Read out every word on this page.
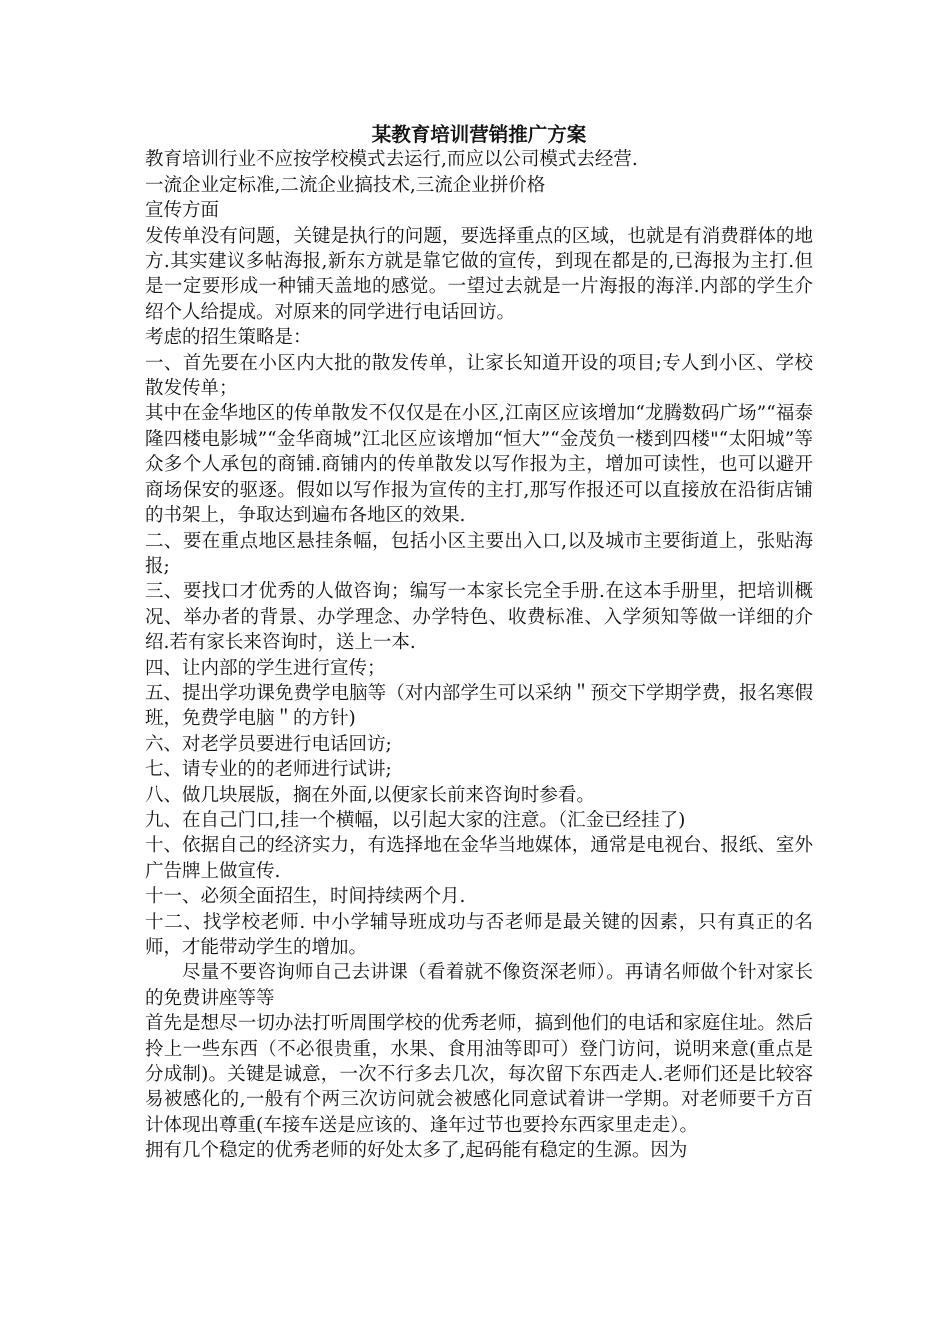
某教育培训营销推广方案

教育培训行业不应按学校模式去运行,而应以公司模式去经营.

一流企业定标准,二流企业搞技术,三流企业拼价格

宣传方面

发传单没有问题，关键是执行的问题，要选择重点的区域，也就是有消费群体的地方.其实建议多帖海报,新东方就是靠它做的宣传，到现在都是的,已海报为主打.但是一定要形成一种铺天盖地的感觉。一望过去就是一片海报的海洋.内部的学生介绍个人给提成。对原来的同学进行电话回访。

考虑的招生策略是：

一、首先要在小区内大批的散发传单，让家长知道开设的项目;专人到小区、学校散发传单；

其中在金华地区的传单散发不仅仅是在小区,江南区应该增加“龙腾数码广场”“福泰隆四楼电影城”“金华商城”江北区应该增加“恒大”“金茂负一楼到四楼"“太阳城”等众多个人承包的商铺.商铺内的传单散发以写作报为主，增加可读性，也可以避开商场保安的驱逐。假如以写作报为宣传的主打,那写作报还可以直接放在沿街店铺的书架上，争取达到遍布各地区的效果.

二、要在重点地区悬挂条幅，包括小区主要出入口,以及城市主要街道上，张贴海报;

三、要找口才优秀的人做咨询；编写一本家长完全手册.在这本手册里，把培训概况、举办者的背景、办学理念、办学特色、收费标准、入学须知等做一详细的介绍.若有家长来咨询时，送上一本.

四、让内部的学生进行宣传；

五、提出学功课免费学电脑等（对内部学生可以采纳＂预交下学期学费，报名寒假班，免费学电脑＂的方针)

六、对老学员要进行电话回访;

七、请专业的的老师进行试讲;

八、做几块展版，搁在外面,以便家长前来咨询时参看。

九、在自己门口,挂一个横幅，以引起大家的注意。（汇金已经挂了)

十、依据自己的经济实力，有选择地在金华当地媒体，通常是电视台、报纸、室外广告牌上做宣传.

十一、必须全面招生，时间持续两个月.

十二、找学校老师. 中小学辅导班成功与否老师是最关键的因素，只有真正的名师，才能带动学生的增加。

尽量不要咨询师自己去讲课（看着就不像资深老师）。再请名师做个针对家长的免费讲座等等

首先是想尽一切办法打听周围学校的优秀老师，搞到他们的电话和家庭住址。然后拎上一些东西（不必很贵重，水果、食用油等即可）登门访问，说明来意(重点是分成制)。关键是诚意，一次不行多去几次，每次留下东西走人.老师们还是比较容易被感化的,一般有个两三次访问就会被感化同意试着讲一学期。对老师要千方百计体现出尊重(车接车送是应该的、逢年过节也要拎东西家里走走）。

拥有几个稳定的优秀老师的好处太多了,起码能有稳定的生源。因为
